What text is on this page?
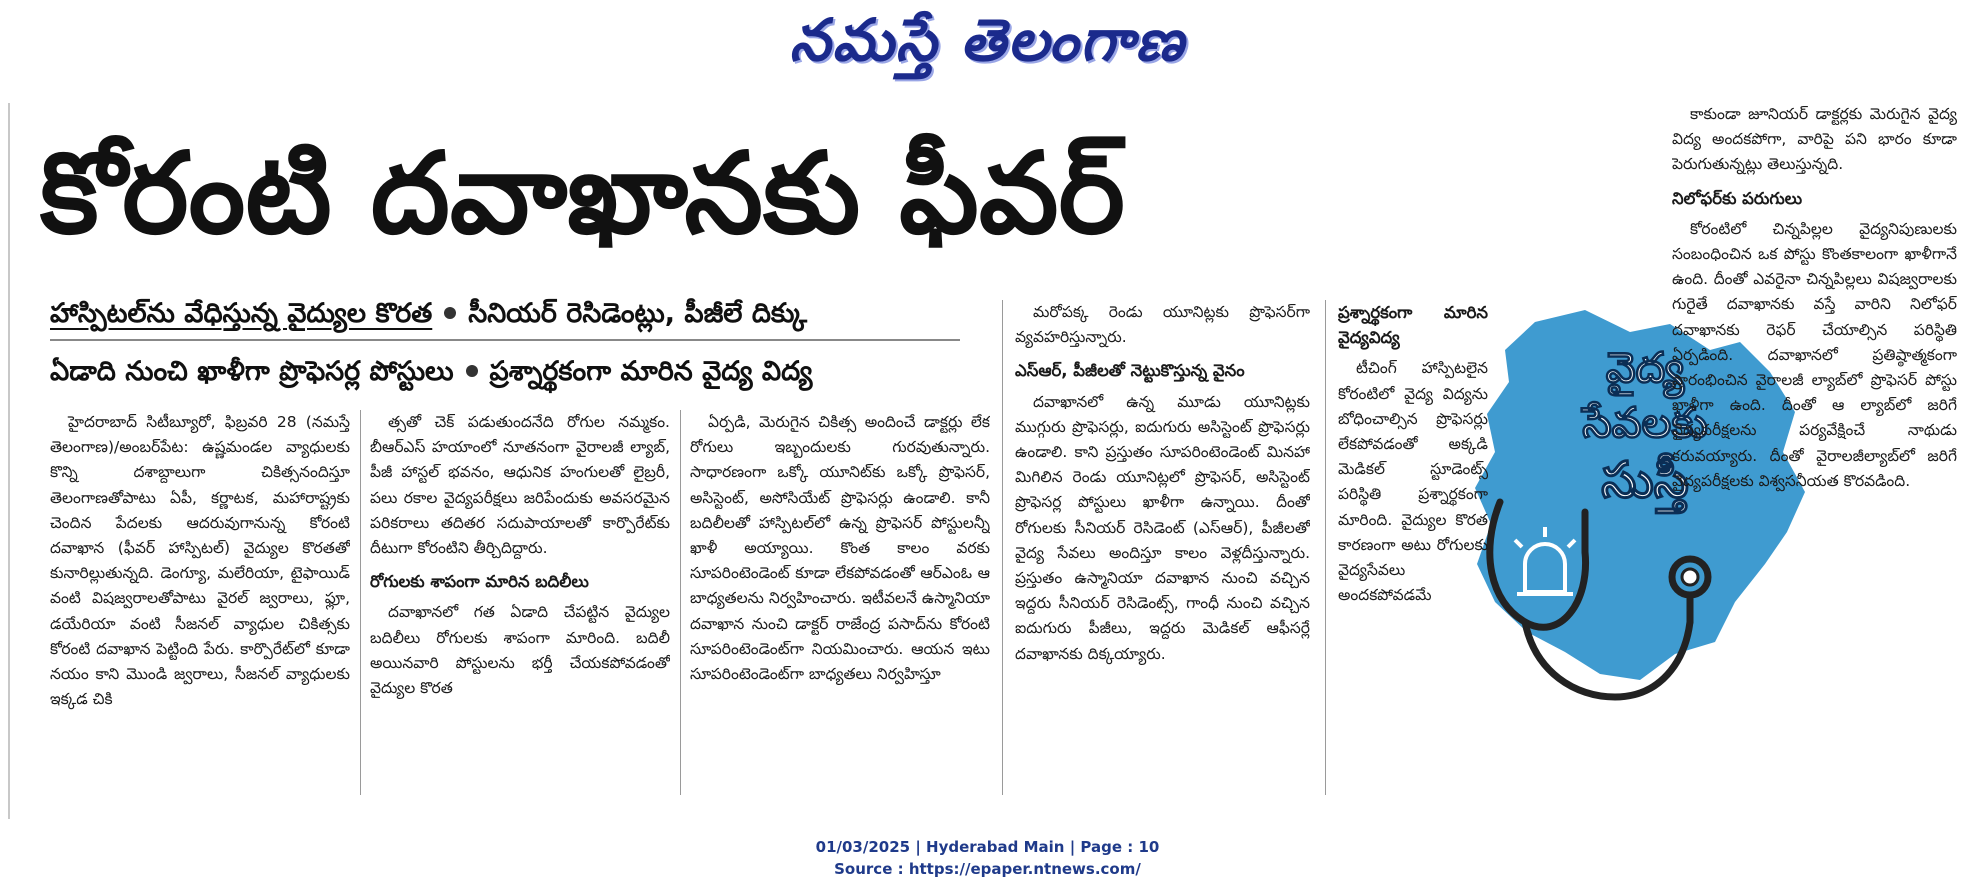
నమస్తే తెలంగాణ
కోరంటి దవాఖానకు ఫీవర్
హాస్పిటల్‌ను వేధిస్తున్న వైద్యుల కొరత సీనియర్ రెసిడెంట్లు, పీజీలే దిక్కు
ఏడాది నుంచి ఖాళీగా ప్రొఫెసర్ల పోస్టులు ప్రశ్నార్థకంగా మారిన వైద్య విద్య

హైదరాబాద్ సిటీబ్యూరో, ఫిబ్రవరి 28 (నమస్తే తెలంగాణ)/అంబర్‌పేట: ఉష్ణమండల వ్యాధులకు కొన్ని దశాబ్దాలుగా చికిత్సనందిస్తూ తెలంగాణతోపాటు ఏపీ, కర్ణాటక, మహారాష్ట్రకు చెందిన పేదలకు ఆదరువుగానున్న కోరంటి దవాఖాన (ఫీవర్ హాస్పిటల్) వైద్యుల కొరతతో కునారిల్లుతున్నది. డెంగ్యూ, మలేరియా, టైఫాయిడ్ వంటి విషజ్వరాలతోపాటు వైరల్ జ్వరాలు, ఫ్లూ, డయేరియా వంటి సీజనల్ వ్యాధుల చికిత్సకు కోరంటి దవాఖాన పెట్టింది పేరు. కార్పొరేట్‌లో కూడా నయం కాని మొండి జ్వరాలు, సీజనల్ వ్యాధులకు ఇక్కడ చికి

త్సతో చెక్ పడుతుందనేది రోగుల నమ్మకం. బీఆర్‌ఎస్ హయాంలో నూతనంగా వైరాలజీ ల్యాబ్, పీజీ హాస్టల్ భవనం, ఆధునిక హంగులతో లైబ్రరీ, పలు రకాల వైద్యపరీక్షలు జరిపేందుకు అవసరమైన పరికరాలు తదితర సదుపాయాలతో కార్పొరేట్‌కు దీటుగా కోరంటిని తీర్చిదిద్దారు.

రోగులకు శాపంగా మారిన బదిలీలు

దవాఖానలో గత ఏడాది చేపట్టిన వైద్యుల బదిలీలు రోగులకు శాపంగా మారింది. బదిలీ అయినవారి పోస్టులను భర్తీ చేయకపోవడంతో వైద్యుల కొరత

ఏర్పడి, మెరుగైన చికిత్స అందించే డాక్టర్లు లేక రోగులు ఇబ్బందులకు గురవుతున్నారు. సాధారణంగా ఒక్కో యూనిట్‌కు ఒక్కో ప్రొఫెసర్, అసిస్టెంట్, అసోసియేట్ ప్రొఫెసర్లు ఉండాలి. కానీ బదిలీలతో హాస్పిటల్‌లో ఉన్న ప్రొఫెసర్ పోస్టులన్నీ ఖాళీ అయ్యాయి. కొంత కాలం వరకు సూపరింటెండెంట్ కూడా లేకపోవడంతో ఆర్‌ఎంఓ ఆ బాధ్యతలను నిర్వహించారు. ఇటీవలనే ఉస్మానియా దవాఖాన నుంచి డాక్టర్ రాజేంద్ర పసాద్‌ను కోరంటి సూపరింటెండెంట్‌గా నియమించారు. ఆయన ఇటు సూపరింటెండెంట్‌గా బాధ్యతలు నిర్వహిస్తూ

మరోపక్క రెండు యూనిట్లకు ప్రొఫెసర్‌గా వ్యవహరిస్తున్నారు.

ఎస్‌ఆర్, పీజీలతో నెట్టుకొస్తున్న వైనం

దవాఖానలో ఉన్న మూడు యూనిట్లకు ముగ్గురు ప్రొఫెసర్లు, ఐదుగురు అసిస్టెంట్ ప్రొఫెసర్లు ఉండాలి. కాని ప్రస్తుతం సూపరింటెండెంట్ మినహా మిగిలిన రెండు యూనిట్లలో ప్రొఫెసర్, అసిస్టెంట్ ప్రొఫెసర్ల పోస్టులు ఖాళీగా ఉన్నాయి. దీంతో రోగులకు సీనియర్ రెసిడెంట్ (ఎస్‌ఆర్), పీజీలతో వైద్య సేవలు అందిస్తూ కాలం వెళ్లదీస్తున్నారు. ప్రస్తుతం ఉస్మానియా దవాఖాన నుంచి వచ్చిన ఇద్దరు సీనియర్ రెసిడెంట్స్, గాంధీ నుంచి వచ్చిన ఐదుగురు పీజీలు, ఇద్దరు మెడికల్ ఆఫీసర్లే దవాఖానకు దిక్కయ్యారు.

వైద్య
సేవలకు
సుస్తీ

ప్రశ్నార్థకంగా మారిన వైద్యవిద్య

టీచింగ్ హాస్పిటలైన కోరంటిలో వైద్య విద్యను బోధించాల్సిన ప్రొఫెసర్లు లేకపోవడంతో అక్కడి మెడికల్ స్టూడెంట్స్ పరిస్థితి ప్రశ్నార్థకంగా మారింది. వైద్యుల కొరత కారణంగా అటు రోగులకు వైద్యసేవలు అందకపోవడమే

కాకుండా జూనియర్ డాక్టర్లకు మెరుగైన వైద్య విద్య అందకపోగా, వారిపై పని భారం కూడా పెరుగుతున్నట్లు తెలుస్తున్నది.

నిలోఫర్‌కు పరుగులు

కోరంటిలో చిన్నపిల్లల వైద్యనిపుణులకు సంబంధించిన ఒక పోస్టు కొంతకాలంగా ఖాళీగానే ఉంది. దీంతో ఎవరైనా చిన్నపిల్లలు విషజ్వరాలకు గురైతే దవాఖానకు వస్తే వారిని నిలోఫర్ దవాఖానకు రెఫర్ చేయాల్సిన పరిస్థితి ఏర్పడింది. దవాఖానలో ప్రతిష్ఠాత్మకంగా ప్రారంభించిన వైరాలజీ ల్యాబ్‌లో ప్రొఫెసర్ పోస్టు ఖాళీగా ఉంది. దీంతో ఆ ల్యాబ్‌లో జరిగే వైద్యపరీక్షలను పర్యవేక్షించే నాథుడు కరువయ్యారు. దీంతో వైరాలజీల్యాబ్‌లో జరిగే వైద్యపరీక్షలకు విశ్వసనీయత కొరవడింది.

01/03/2025 | Hyderabad Main | Page : 10
Source : https://epaper.ntnews.com/
